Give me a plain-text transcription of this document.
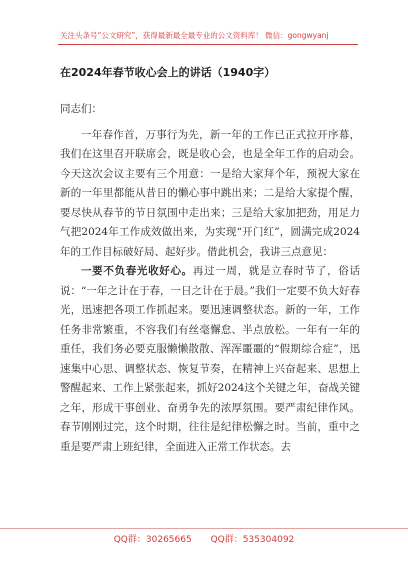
关注头条号“公文研究”，获得最新最全最专业的公文资料库！ 微信：gongwyanj
在2024年春节收心会上的讲话（1940字）

同志们：

一年春作首，万事行为先，新一年的工作已正式拉开序幕，我们在这里召开联席会，既是收心会，也是全年工作的启动会。今天这次会议主要有三个用意：一是给大家拜个年，预祝大家在新的一年里都能从昔日的懒心事中跳出来；二是给大家提个醒，要尽快从春节的节日氛围中走出来；三是给大家加把劲，用足力气把2024年工作成效做出来，为实现“开门红”，圆满完成2024年的工作目标破好局、起好步。借此机会，我讲三点意见：

一要不负春光收好心。再过一周，就是立春时节了，俗话说：“一年之计在于春，一日之计在于晨。”我们一定要不负大好春光，迅速把各项工作抓起来。要迅速调整状态。新的一年，工作任务非常繁重，不容我们有丝毫懈怠、半点放松。一年有一年的重任，我们务必要克服懒懒散散、浑浑噩噩的“假期综合症”，迅速集中心思、调整状态、恢复节奏，在精神上兴奋起来、思想上警醒起来、工作上紧张起来，抓好2024这个关键之年，奋战关键之年，形成干事创业、奋勇争先的浓厚氛围。要严肃纪律作风。春节刚刚过完，这个时期，往往是纪律松懈之时。当前，重中之重是要严肃上班纪律，全面进入正常工作状态。去

QQ群：30265665 QQ群：535304092
